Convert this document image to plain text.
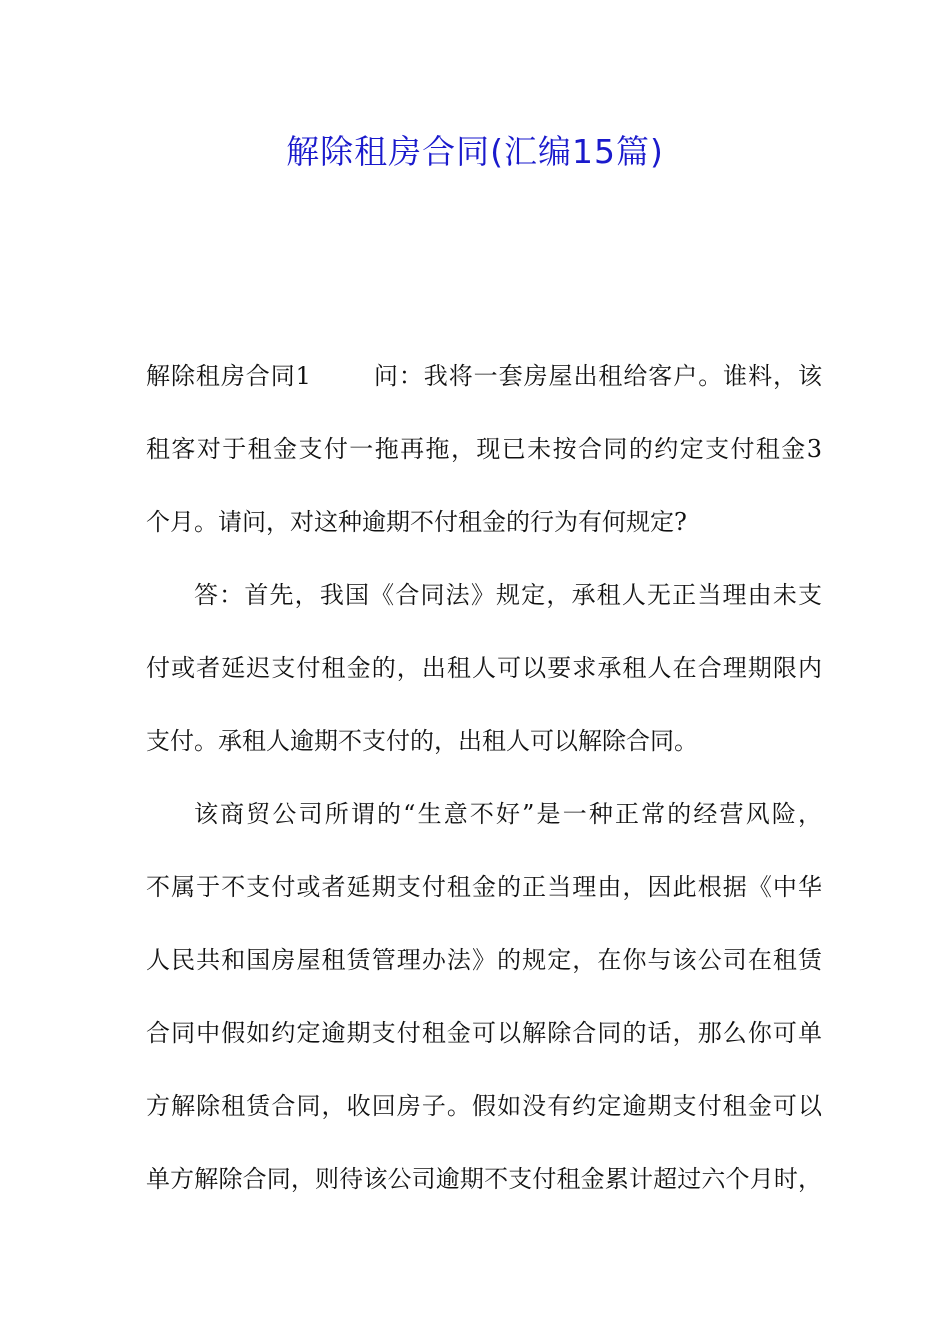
解除租房合同(汇编15篇)
解除租房合同1	问：我将一套房屋出租给客户。谁料，该
租客对于租金支付一拖再拖，现已未按合同的约定支付租金3
个月。请问，对这种逾期不付租金的行为有何规定?
答：首先，我国《合同法》规定，承租人无正当理由未支
付或者延迟支付租金的，出租人可以要求承租人在合理期限内
支付。承租人逾期不支付的，出租人可以解除合同。
该商贸公司所谓的“生意不好”是一种正常的经营风险，
不属于不支付或者延期支付租金的正当理由，因此根据《中华
人民共和国房屋租赁管理办法》的规定，在你与该公司在租赁
合同中假如约定逾期支付租金可以解除合同的话，那么你可单
方解除租赁合同，收回房子。假如没有约定逾期支付租金可以
单方解除合同，则待该公司逾期不支付租金累计超过六个月时，
